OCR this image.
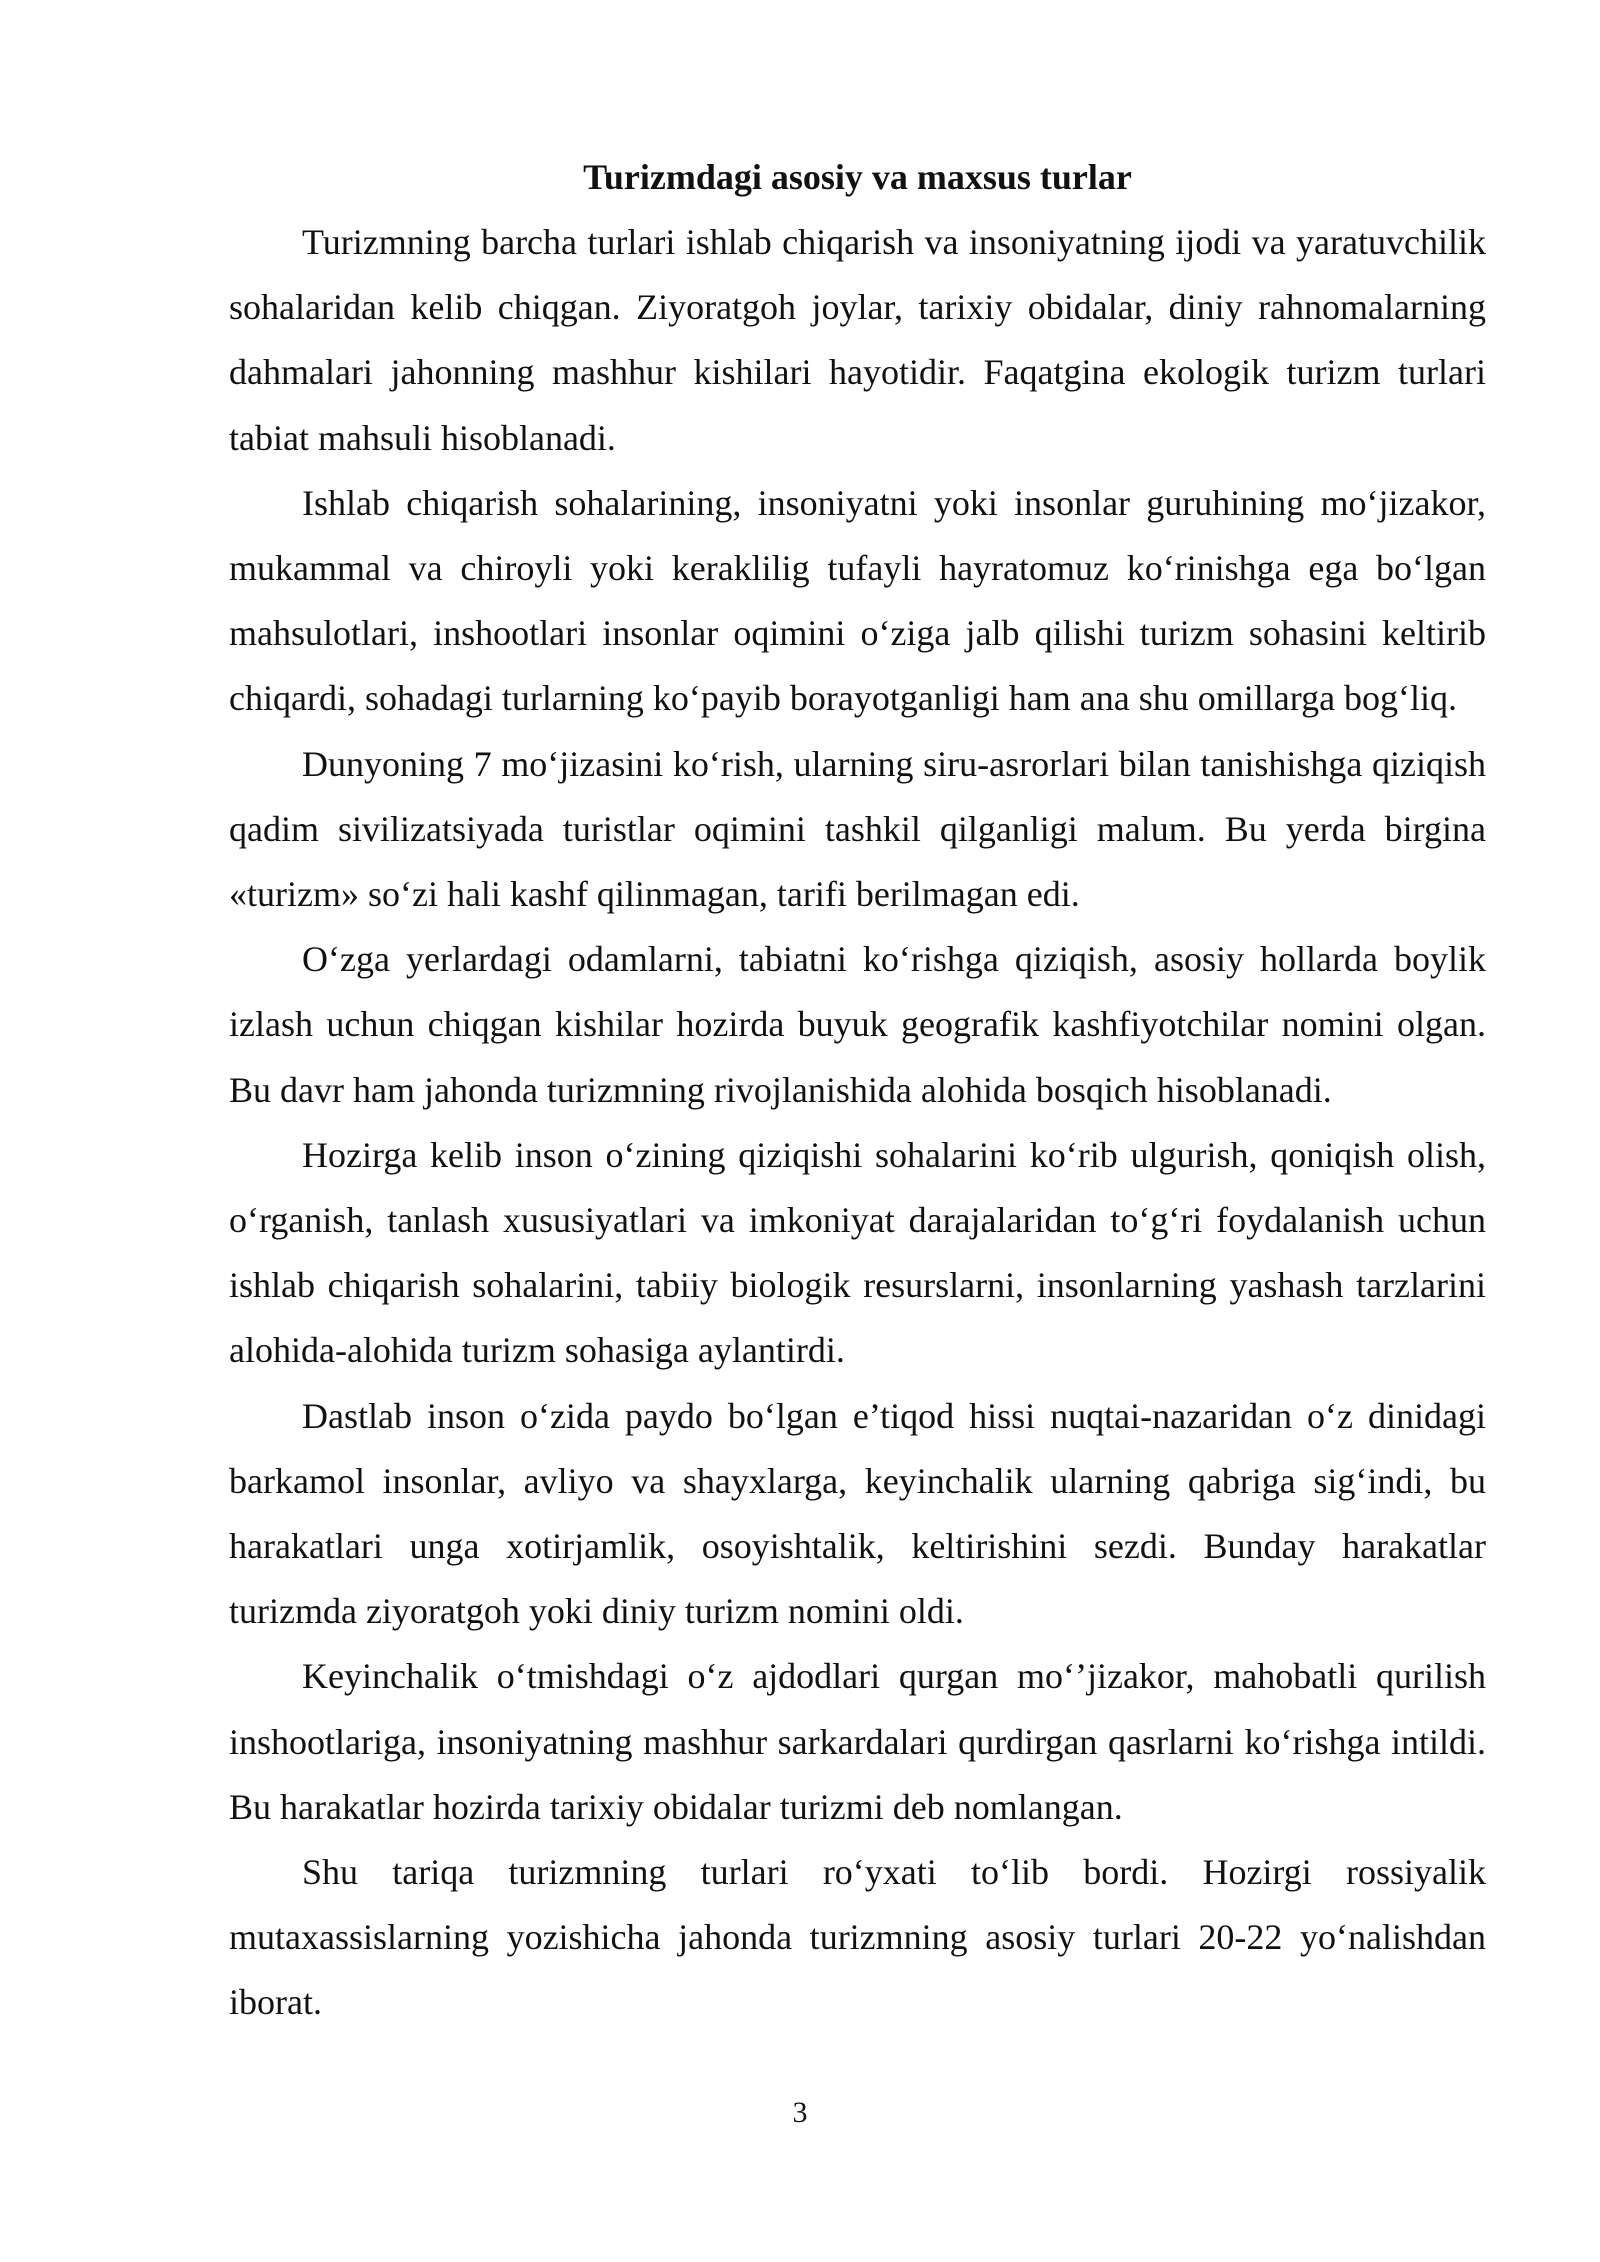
Turizmdagi asosiy va maxsus turlar

Turizmning barcha turlari ishlab chiqarish va insoniyatning ijodi va yaratuvchilik sohalaridan kelib chiqgan. Ziyoratgoh joylar, tarixiy obidalar, diniy rahnomalarning dahmalari jahonning mashhur kishilari hayotidir. Faqatgina ekologik turizm turlari tabiat mahsuli hisoblanadi.

Ishlab chiqarish sohalarining, insoniyatni yoki insonlar guruhining mo‘jizakor, mukammal va chiroyli yoki keraklilig tufayli hayratomuz ko‘rinishga ega bo‘lgan mahsulotlari, inshootlari insonlar oqimini o‘ziga jalb qilishi turizm sohasini keltirib chiqardi, sohadagi turlarning ko‘payib borayotganligi ham ana shu omillarga bog‘liq.

Dunyoning 7 mo‘jizasini ko‘rish, ularning siru-asrorlari bilan tanishishga qiziqish qadim sivilizatsiyada turistlar oqimini tashkil qilganligi malum. Bu yerda birgina «turizm» so‘zi hali kashf qilinmagan, tarifi berilmagan edi.

O‘zga yerlardagi odamlarni, tabiatni ko‘rishga qiziqish, asosiy hollarda boylik izlash uchun chiqgan kishilar hozirda buyuk geografik kashfiyotchilar nomini olgan. Bu davr ham jahonda turizmning rivojlanishida alohida bosqich hisoblanadi.

Hozirga kelib inson o‘zining qiziqishi sohalarini ko‘rib ulgurish, qoniqish olish, o‘rganish, tanlash xususiyatlari va imkoniyat darajalaridan to‘g‘ri foydalanish uchun ishlab chiqarish sohalarini, tabiiy biologik resurslarni, insonlarning yashash tarzlarini alohida-alohida turizm sohasiga aylantirdi.

Dastlab inson o‘zida paydo bo‘lgan e’tiqod hissi nuqtai-nazaridan o‘z dinidagi barkamol insonlar, avliyo va shayxlarga, keyinchalik ularning qabriga sig‘indi, bu harakatlari unga xotirjamlik, osoyishtalik, keltirishini sezdi. Bunday harakatlar turizmda ziyoratgoh yoki diniy turizm nomini oldi.

Keyinchalik o‘tmishdagi o‘z ajdodlari qurgan mo‘’jizakor, mahobatli qurilish inshootlariga, insoniyatning mashhur sarkardalari qurdirgan qasrlarni ko‘rishga intildi. Bu harakatlar hozirda tarixiy obidalar turizmi deb nomlangan.

Shu tariqa turizmning turlari ro‘yxati to‘lib bordi. Hozirgi rossiyalik mutaxassislarning yozishicha jahonda turizmning asosiy turlari 20-22 yo‘nalishdan iborat.

3
